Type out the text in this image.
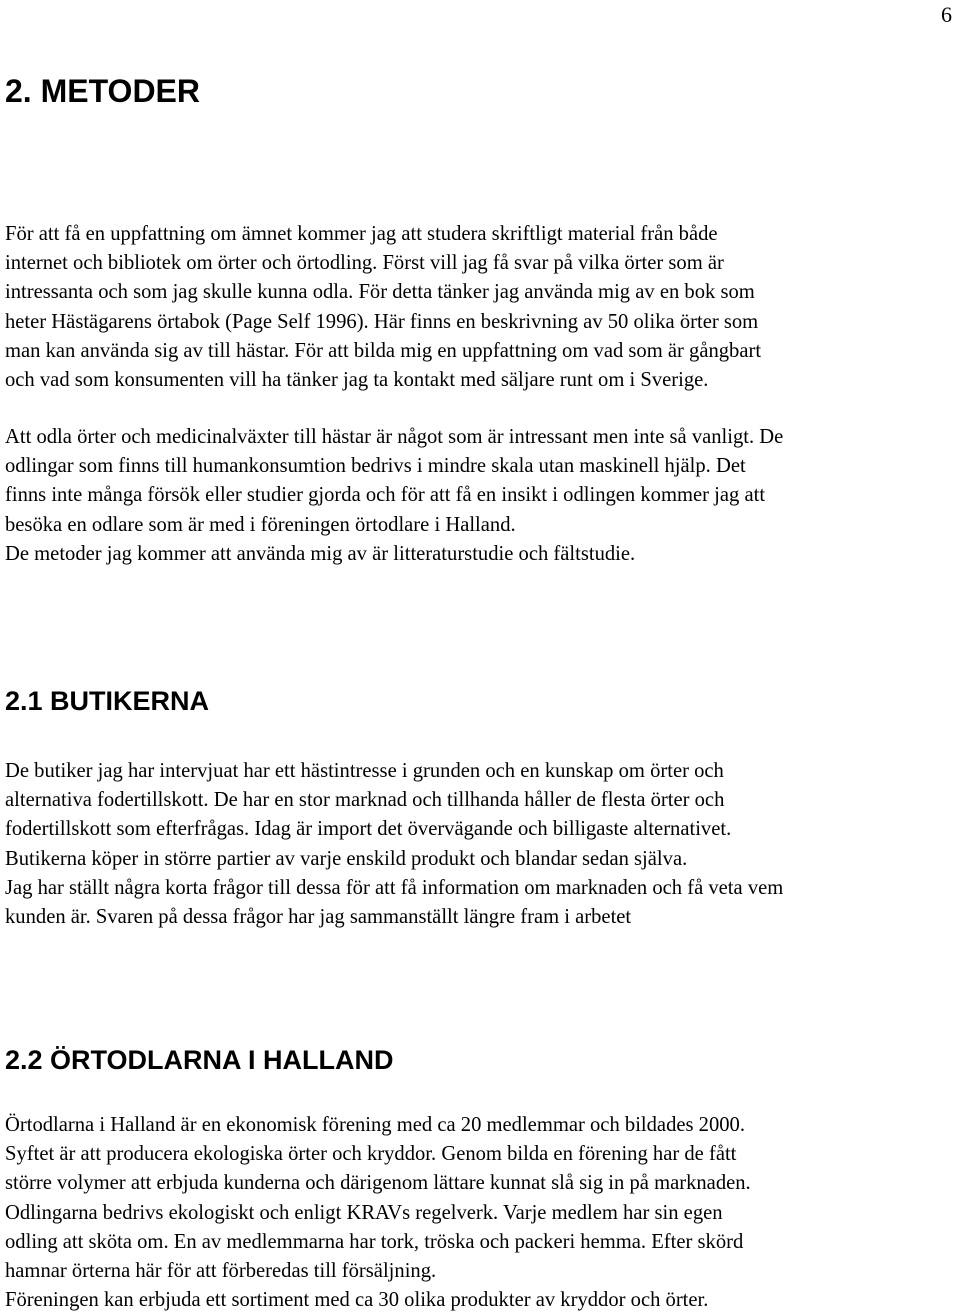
6
2. METODER

För att få en uppfattning om ämnet kommer jag att studera skriftligt material från både
internet och bibliotek om örter och örtodling. Först vill jag få svar på vilka örter som är
intressanta och som jag skulle kunna odla. För detta tänker jag använda mig av en bok som
heter Hästägarens örtabok (Page Self 1996). Här finns en beskrivning av 50 olika örter som
man kan använda sig av till hästar. För att bilda mig en uppfattning om vad som är gångbart
och vad som konsumenten vill ha tänker jag ta kontakt med säljare runt om i Sverige.

Att odla örter och medicinalväxter till hästar är något som är intressant men inte så vanligt. De
odlingar som finns till humankonsumtion bedrivs i mindre skala utan maskinell hjälp. Det
finns inte många försök eller studier gjorda och för att få en insikt i odlingen kommer jag att
besöka en odlare som är med i föreningen örtodlare i Halland.
De metoder jag kommer att använda mig av är litteraturstudie och fältstudie.

2.1 BUTIKERNA

De butiker jag har intervjuat har ett hästintresse i grunden och en kunskap om örter och
alternativa fodertillskott. De har en stor marknad och tillhanda håller de flesta örter och
fodertillskott som efterfrågas. Idag är import det övervägande och billigaste alternativet.
Butikerna köper in större partier av varje enskild produkt och blandar sedan själva.
Jag har ställt några korta frågor till dessa för att få information om marknaden och få veta vem
kunden är. Svaren på dessa frågor har jag sammanställt längre fram i arbetet

2.2 ÖRTODLARNA I HALLAND

Örtodlarna i Halland är en ekonomisk förening med ca 20 medlemmar och bildades 2000.
Syftet är att producera ekologiska örter och kryddor. Genom bilda en förening har de fått
större volymer att erbjuda kunderna och därigenom lättare kunnat slå sig in på marknaden.
Odlingarna bedrivs ekologiskt och enligt KRAVs regelverk. Varje medlem har sin egen
odling att sköta om. En av medlemmarna har tork, tröska och packeri hemma. Efter skörd
hamnar örterna här för att förberedas till försäljning.
Föreningen kan erbjuda ett sortiment med ca 30 olika produkter av kryddor och örter.
